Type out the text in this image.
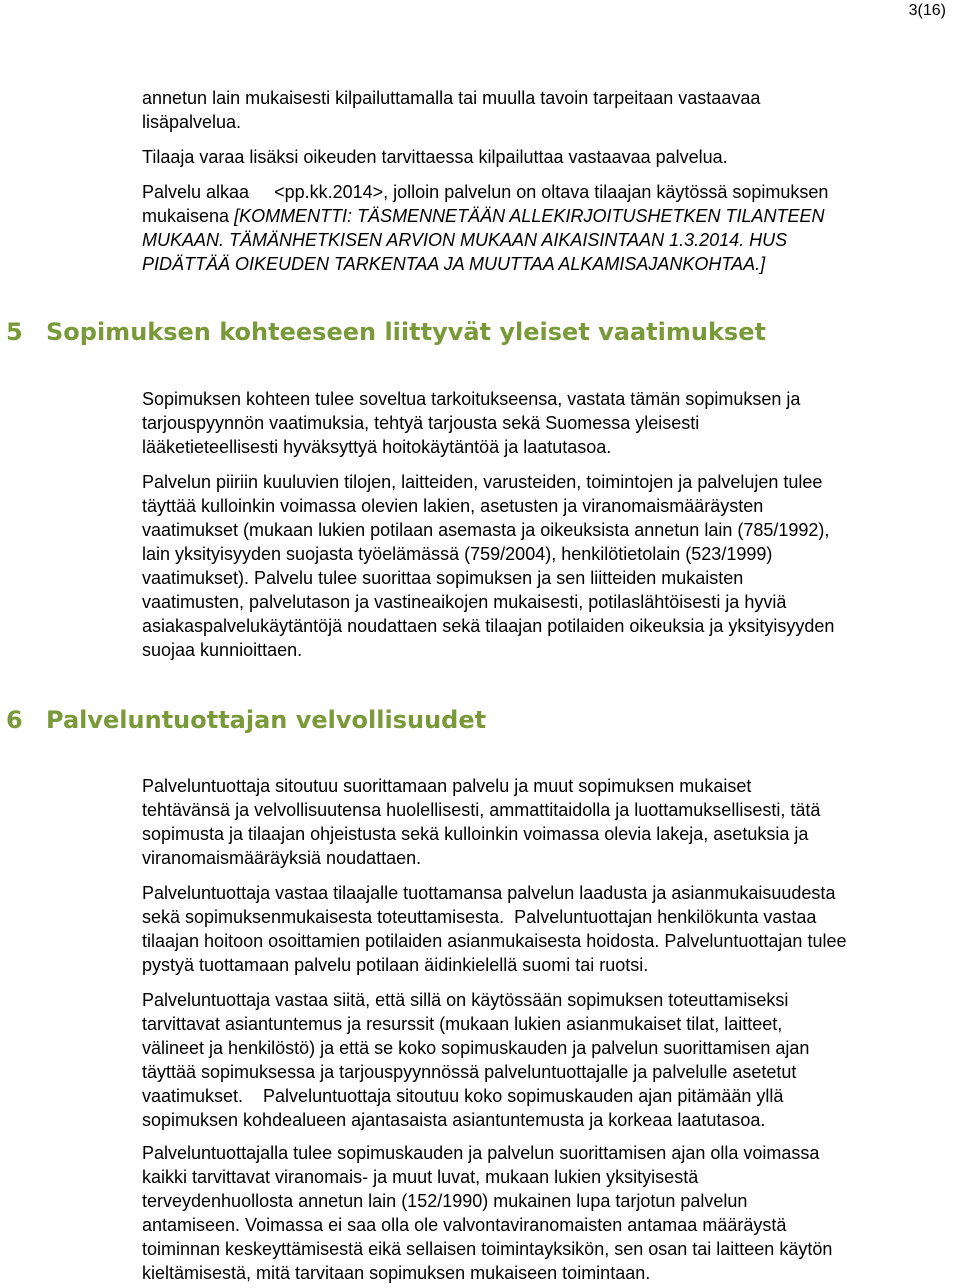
3(16)
annetun lain mukaisesti kilpailuttamalla tai muulla tavoin tarpeitaan vastaavaa
lisäpalvelua.
Tilaaja varaa lisäksi oikeuden tarvittaessa kilpailuttaa vastaavaa palvelua.
Palvelu alkaa     <pp.kk.2014>, jolloin palvelun on oltava tilaajan käytössä sopimuksen
mukaisena [KOMMENTTI: TÄSMENNETÄÄN ALLEKIRJOITUSHETKEN TILANTEEN
MUKAAN. TÄMÄNHETKISEN ARVION MUKAAN AIKAISINTAAN 1.3.2014. HUS
PIDÄTTÄÄ OIKEUDEN TARKENTAA JA MUUTTAA ALKAMISAJANKOHTAA.]
5 Sopimuksen kohteeseen liittyvät yleiset vaatimukset
Sopimuksen kohteen tulee soveltua tarkoitukseensa, vastata tämän sopimuksen ja
tarjouspyynnön vaatimuksia, tehtyä tarjousta sekä Suomessa yleisesti
lääketieteellisesti hyväksyttyä hoitokäytäntöä ja laatutasoa.
Palvelun piiriin kuuluvien tilojen, laitteiden, varusteiden, toimintojen ja palvelujen tulee
täyttää kulloinkin voimassa olevien lakien, asetusten ja viranomaismääräysten
vaatimukset (mukaan lukien potilaan asemasta ja oikeuksista annetun lain (785/1992),
lain yksityisyyden suojasta työelämässä (759/2004), henkilötietolain (523/1999)
vaatimukset). Palvelu tulee suorittaa sopimuksen ja sen liitteiden mukaisten
vaatimusten, palvelutason ja vastineaikojen mukaisesti, potilaslähtöisesti ja hyviä
asiakaspalvelukäytäntöjä noudattaen sekä tilaajan potilaiden oikeuksia ja yksityisyyden
suojaa kunnioittaen.
6 Palveluntuottajan velvollisuudet
Palveluntuottaja sitoutuu suorittamaan palvelu ja muut sopimuksen mukaiset
tehtävänsä ja velvollisuutensa huolellisesti, ammattitaidolla ja luottamuksellisesti, tätä
sopimusta ja tilaajan ohjeistusta sekä kulloinkin voimassa olevia lakeja, asetuksia ja
viranomaismääräyksiä noudattaen.
Palveluntuottaja vastaa tilaajalle tuottamansa palvelun laadusta ja asianmukaisuudesta
sekä sopimuksenmukaisesta toteuttamisesta.  Palveluntuottajan henkilökunta vastaa
tilaajan hoitoon osoittamien potilaiden asianmukaisesta hoidosta. Palveluntuottajan tulee
pystyä tuottamaan palvelu potilaan äidinkielellä suomi tai ruotsi.
Palveluntuottaja vastaa siitä, että sillä on käytössään sopimuksen toteuttamiseksi
tarvittavat asiantuntemus ja resurssit (mukaan lukien asianmukaiset tilat, laitteet,
välineet ja henkilöstö) ja että se koko sopimuskauden ja palvelun suorittamisen ajan
täyttää sopimuksessa ja tarjouspyynnössä palveluntuottajalle ja palvelulle asetetut
vaatimukset.    Palveluntuottaja sitoutuu koko sopimuskauden ajan pitämään yllä
sopimuksen kohdealueen ajantasaista asiantuntemusta ja korkeaa laatutasoa.
Palveluntuottajalla tulee sopimuskauden ja palvelun suorittamisen ajan olla voimassa
kaikki tarvittavat viranomais- ja muut luvat, mukaan lukien yksityisestä
terveydenhuollosta annetun lain (152/1990) mukainen lupa tarjotun palvelun
antamiseen. Voimassa ei saa olla ole valvontaviranomaisten antamaa määräystä
toiminnan keskeyttämisestä eikä sellaisen toimintayksikön, sen osan tai laitteen käytön
kieltämisestä, mitä tarvitaan sopimuksen mukaiseen toimintaan.
